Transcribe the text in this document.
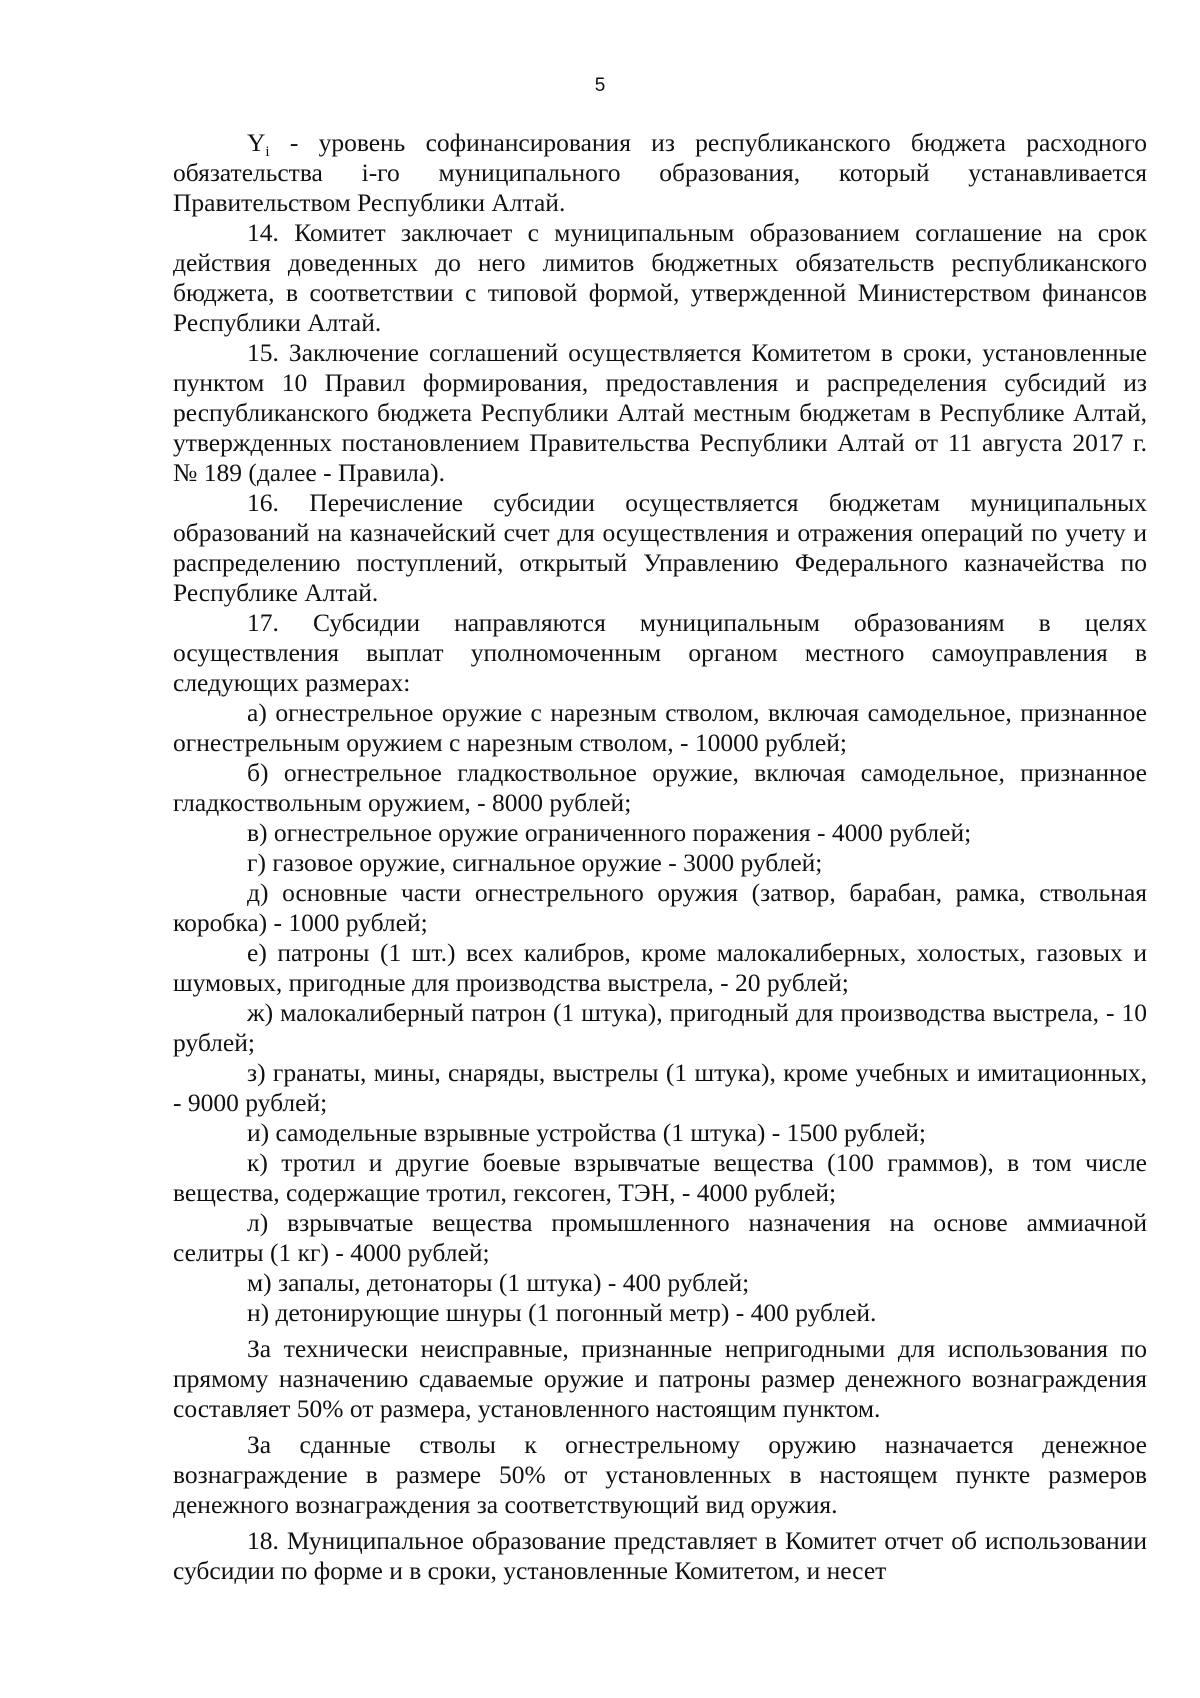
5

$Y_i$ - уровень софинансирования из республиканского бюджета расходного обязательства i-го муниципального образования, который устанавливается Правительством Республики Алтай.

14. Комитет заключает с муниципальным образованием соглашение на срок действия доведенных до него лимитов бюджетных обязательств республиканского бюджета, в соответствии с типовой формой, утвержденной Министерством финансов Республики Алтай.

15. Заключение соглашений осуществляется Комитетом в сроки, установленные пунктом 10 Правил формирования, предоставления и распределения субсидий из республиканского бюджета Республики Алтай местным бюджетам в Республике Алтай, утвержденных постановлением Правительства Республики Алтай от 11 августа 2017 г. № 189 (далее - Правила).

16. Перечисление субсидии осуществляется бюджетам муниципальных образований на казначейский счет для осуществления и отражения операций по учету и распределению поступлений, открытый Управлению Федерального казначейства по Республике Алтай.

17. Субсидии направляются муниципальным образованиям в целях осуществления выплат уполномоченным органом местного самоуправления в следующих размерах:

а) огнестрельное оружие с нарезным стволом, включая самодельное, признанное огнестрельным оружием с нарезным стволом, - 10000 рублей;

б) огнестрельное гладкоствольное оружие, включая самодельное, признанное гладкоствольным оружием, - 8000 рублей;

в) огнестрельное оружие ограниченного поражения - 4000 рублей;

г) газовое оружие, сигнальное оружие - 3000 рублей;

д) основные части огнестрельного оружия (затвор, барабан, рамка, ствольная коробка) - 1000 рублей;

е) патроны (1 шт.) всех калибров, кроме малокалиберных, холостых, газовых и шумовых, пригодные для производства выстрела, - 20 рублей;

ж) малокалиберный патрон (1 штука), пригодный для производства выстрела, - 10 рублей;

з) гранаты, мины, снаряды, выстрелы (1 штука), кроме учебных и имитационных, - 9000 рублей;

и) самодельные взрывные устройства (1 штука) - 1500 рублей;

к) тротил и другие боевые взрывчатые вещества (100 граммов), в том числе вещества, содержащие тротил, гексоген, ТЭН, - 4000 рублей;

л) взрывчатые вещества промышленного назначения на основе аммиачной селитры (1 кг) - 4000 рублей;

м) запалы, детонаторы (1 штука) - 400 рублей;

н) детонирующие шнуры (1 погонный метр) - 400 рублей.

За технически неисправные, признанные непригодными для использования по прямому назначению сдаваемые оружие и патроны размер денежного вознаграждения составляет 50% от размера, установленного настоящим пунктом.

За сданные стволы к огнестрельному оружию назначается денежное вознаграждение в размере 50% от установленных в настоящем пункте размеров денежного вознаграждения за соответствующий вид оружия.

18. Муниципальное образование представляет в Комитет отчет об использовании субсидии по форме и в сроки, установленные Комитетом, и несет
